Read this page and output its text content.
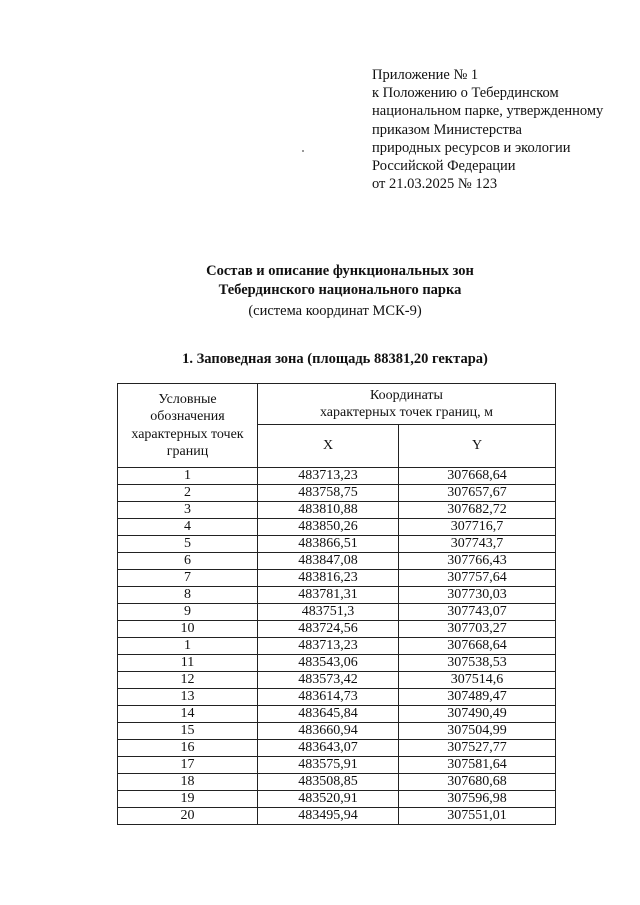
Приложение № 1
к Положению о Тебердинском
национальном парке, утвержденному
приказом Министерства
природных ресурсов и экологии
Российской Федерации
от 21.03.2025 № 123
Состав и описание функциональных зон
Тебердинского национального парка
(система координат МСК-9)
1. Заповедная зона (площадь 88381,20 гектара)
Условные
обозначения
характерных точек
границ	Координаты
характерных точек границ, м	

	X	Y
1	483713,23	307668,64
2	483758,75	307657,67
3	483810,88	307682,72
4	483850,26	307716,7
5	483866,51	307743,7
6	483847,08	307766,43
7	483816,23	307757,64
8	483781,31	307730,03
9	483751,3	307743,07
10	483724,56	307703,27
1	483713,23	307668,64
11	483543,06	307538,53
12	483573,42	307514,6
13	483614,73	307489,47
14	483645,84	307490,49
15	483660,94	307504,99
16	483643,07	307527,77
17	483575,91	307581,64
18	483508,85	307680,68
19	483520,91	307596,98
20	483495,94	307551,01
